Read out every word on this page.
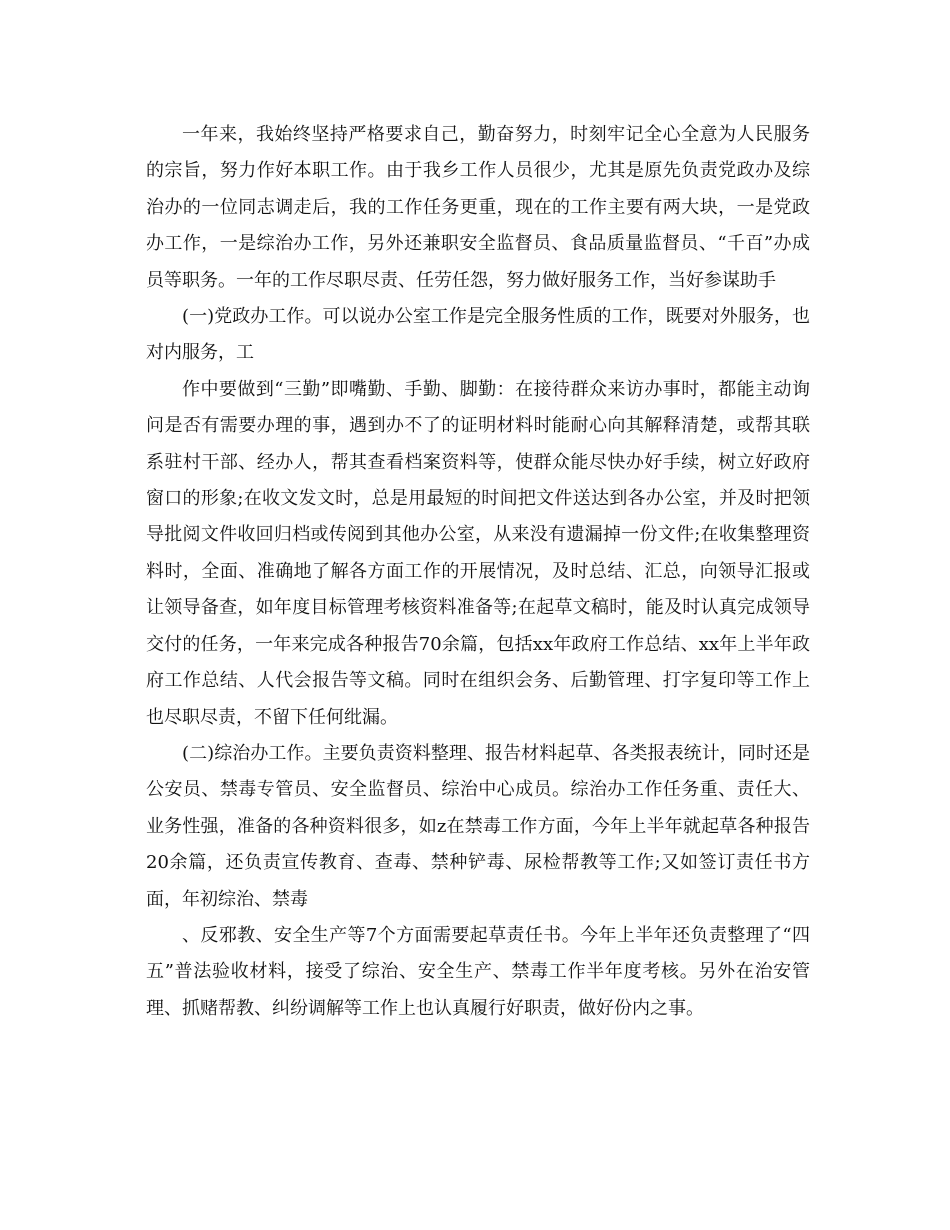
一年来，我始终坚持严格要求自己，勤奋努力，时刻牢记全心全意为人民服务的宗旨，努力作好本职工作。由于我乡工作人员很少，尤其是原先负责党政办及综治办的一位同志调走后，我的工作任务更重，现在的工作主要有两大块，一是党政办工作，一是综治办工作，另外还兼职安全监督员、食品质量监督员、“千百”办成员等职务。一年的工作尽职尽责、任劳任怨，努力做好服务工作，当好参谋助手

(一)党政办工作。可以说办公室工作是完全服务性质的工作，既要对外服务，也对内服务，工

作中要做到“三勤”即嘴勤、手勤、脚勤：在接待群众来访办事时，都能主动询问是否有需要办理的事，遇到办不了的证明材料时能耐心向其解释清楚，或帮其联系驻村干部、经办人，帮其查看档案资料等，使群众能尽快办好手续，树立好政府窗口的形象;在收文发文时，总是用最短的时间把文件送达到各办公室，并及时把领导批阅文件收回归档或传阅到其他办公室，从来没有遗漏掉一份文件;在收集整理资料时，全面、准确地了解各方面工作的开展情况，及时总结、汇总，向领导汇报或让领导备查，如年度目标管理考核资料准备等;在起草文稿时，能及时认真完成领导交付的任务，一年来完成各种报告70余篇，包括xx年政府工作总结、xx年上半年政府工作总结、人代会报告等文稿。同时在组织会务、后勤管理、打字复印等工作上也尽职尽责，不留下任何纰漏。

(二)综治办工作。主要负责资料整理、报告材料起草、各类报表统计，同时还是公安员、禁毒专管员、安全监督员、综治中心成员。综治办工作任务重、责任大、业务性强，准备的各种资料很多，如z在禁毒工作方面，今年上半年就起草各种报告20余篇，还负责宣传教育、查毒、禁种铲毒、尿检帮教等工作;又如签订责任书方面，年初综治、禁毒

、反邪教、安全生产等7个方面需要起草责任书。今年上半年还负责整理了“四五”普法验收材料，接受了综治、安全生产、禁毒工作半年度考核。另外在治安管理、抓赌帮教、纠纷调解等工作上也认真履行好职责，做好份内之事。
